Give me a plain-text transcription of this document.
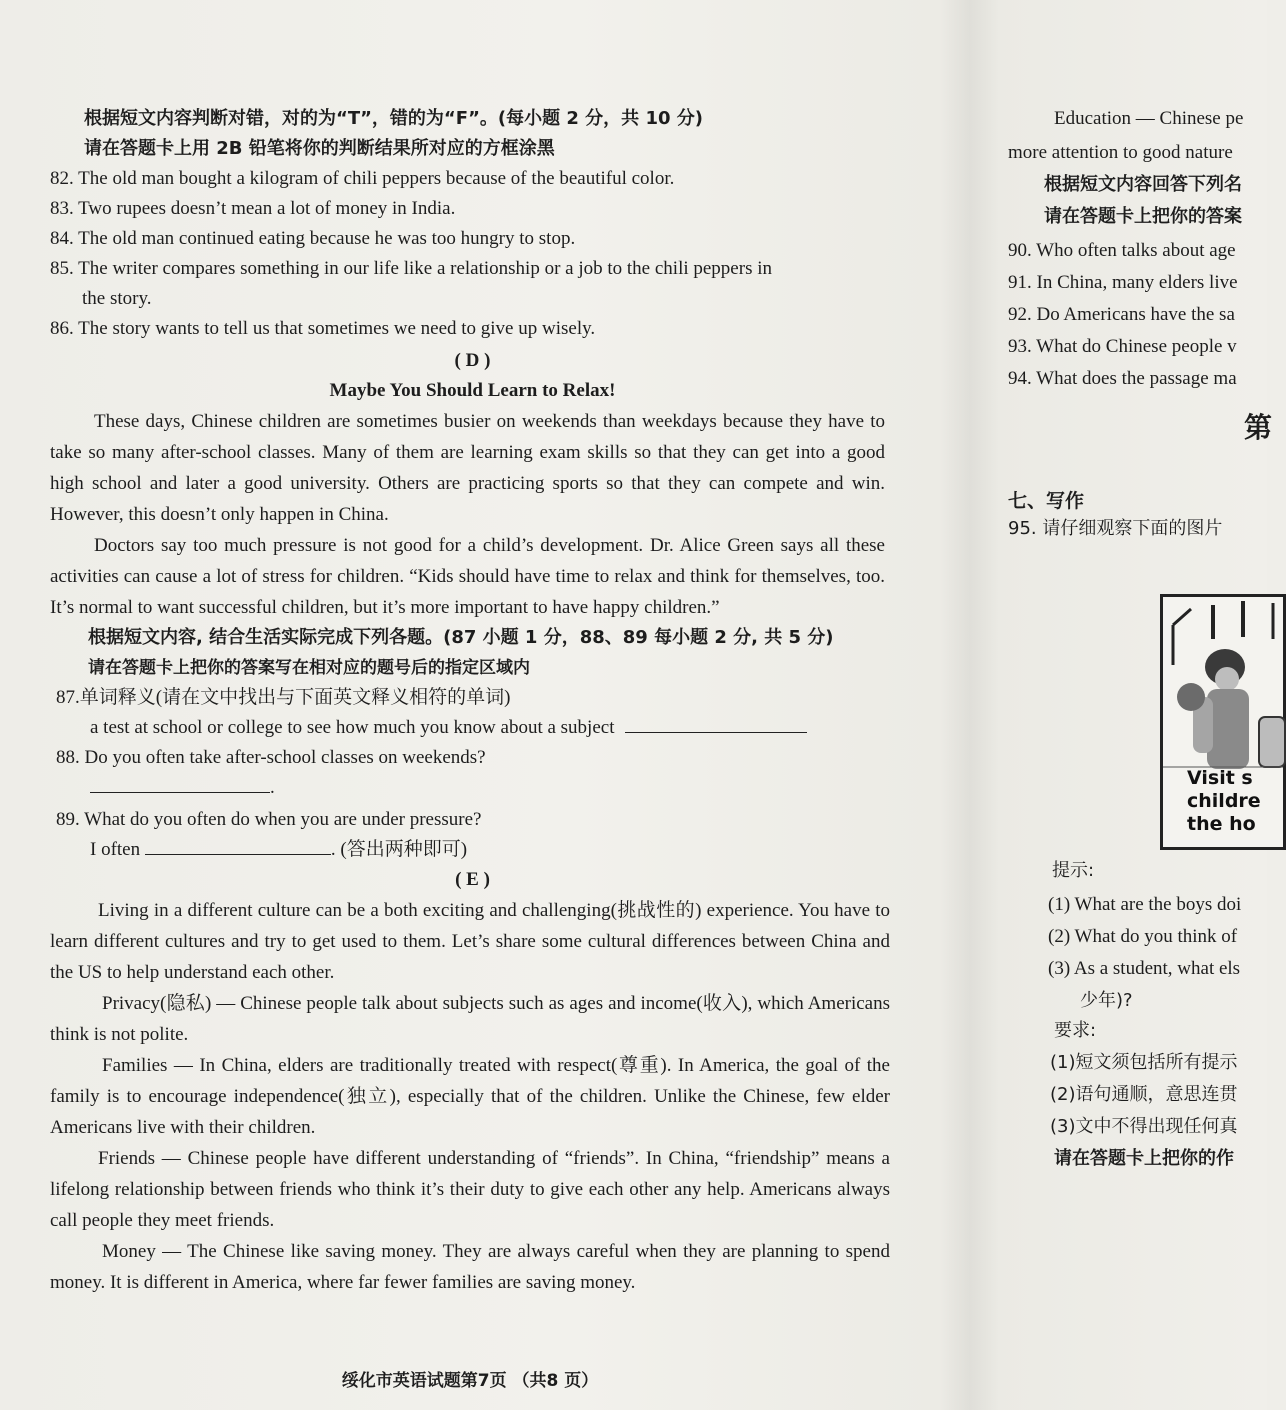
根据短文内容判断对错，对的为“T”，错的为“F”。(每小题 2 分，共 10 分)
请在答题卡上用 2B 铅笔将你的判断结果所对应的方框涂黑
82. The old man bought a kilogram of chili peppers because of the beautiful color.
83. Two rupees doesn’t mean a lot of money in India.
84. The old man continued eating because he was too hungry to stop.
85. The writer compares something in our life like a relationship or a job to the chili peppers in
the story.
86. The story wants to tell us that sometimes we need to give up wisely.
( D )
Maybe You Should Learn to Relax!
These days, Chinese children are sometimes busier on weekends than weekdays because they have to take so many after-school classes. Many of them are learning exam skills so that they can get into a good high school and later a good university. Others are practicing sports so that they can compete and win. However, this doesn’t only happen in China.
Doctors say too much pressure is not good for a child’s development. Dr. Alice Green says all these activities can cause a lot of stress for children. “Kids should have time to relax and think for themselves, too. It’s normal to want successful children, but it’s more important to have happy children.”
根据短文内容, 结合生活实际完成下列各题。(87 小题 1 分，88、89 每小题 2 分, 共 5 分)
请在答题卡上把你的答案写在相对应的题号后的指定区域内
87.单词释义(请在文中找出与下面英文释义相符的单词)
a test at school or college to see how much you know about a subject
88. Do you often take after-school classes on weekends?
.
89. What do you often do when you are under pressure?
I often	. (答出两种即可)
( E )
Living in a different culture can be a both exciting and challenging(挑战性的) experience. You have to learn different cultures and try to get used to them. Let’s share some cultural differences between China and the US to help understand each other.
Privacy(隐私) — Chinese people talk about subjects such as ages and income(收入), which Americans think is not polite.
Families — In China, elders are traditionally treated with respect(尊重). In America, the goal of the family is to encourage independence(独立), especially that of the children. Unlike the Chinese, few elder Americans live with their children.
Friends — Chinese people have different understanding of “friends”. In China, “friendship” means a lifelong relationship between friends who think it’s their duty to give each other any help. Americans always call people they meet friends.
Money — The Chinese like saving money. They are always careful when they are planning to spend money. It is different in America, where far fewer families are saving money.
绥化市英语试题第7页 （共8 页）
Education — Chinese pe
more attention to good nature
根据短文内容回答下列名
请在答题卡上把你的答案
90. Who often talks about age
91. In China, many elders live
92. Do Americans have the sa
93. What do Chinese people v
94. What does the passage ma
第
七、写作
95. 请仔细观察下面的图片
Visit s
childre
the ho
提示:
(1) What are the boys doi
(2) What do you think of
(3) As a student, what els
少年)?
要求:
(1)短文须包括所有提示
(2)语句通顺，意思连贯
(3)文中不得出现任何真
请在答题卡上把你的作
